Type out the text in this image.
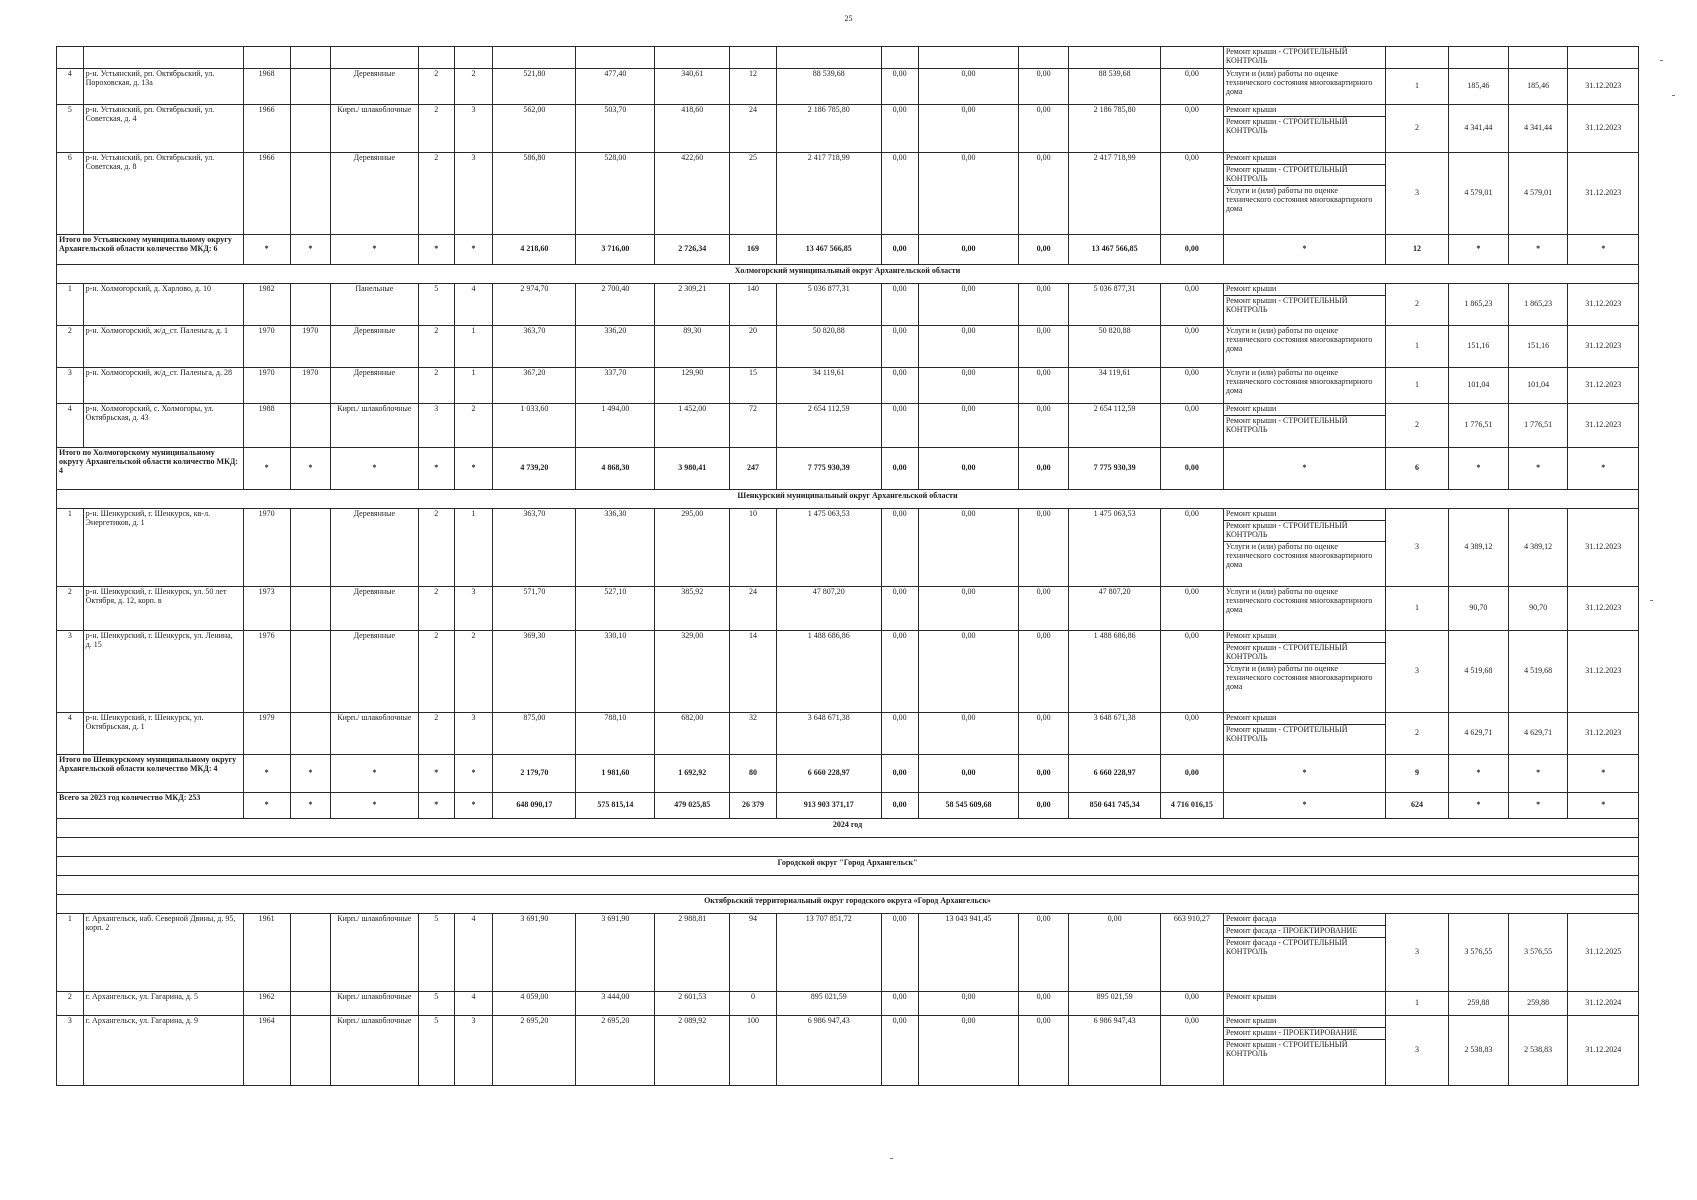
25

																	Ремонт крыши - СТРОИТЕЛЬНЫЙ КОНТРОЛЬ				

4	р-н. Устьянский, рп. Октябрьский, ул. Пороховская, д. 13а	1968		Деревянные	2	2	521,80	477,40	340,61	12	88 539,68	0,00	0,00	0,00	88 539,68	0,00	Услуги и (или) работы по оценке технического состояния многоквартирного дома	1	185,46	185,46	31.12.2023
5	р-н. Устьянский, рп. Октябрьский, ул. Советская, д. 4	1966		Кирп./ шлакоблочные	2	3	562,00	503,70	418,60	24	2 186 785,80	0,00	0,00	0,00	2 186 785,80	0,00	Ремонт крыши
Ремонт крыши - СТРОИТЕЛЬНЫЙ КОНТРОЛЬ	2	4 341,44	4 341,44	31.12.2023
6	р-н. Устьянский, рп. Октябрьский, ул. Советская, д. 8	1966		Деревянные	2	3	586,80	528,00	422,60	25	2 417 718,99	0,00	0,00	0,00	2 417 718,99	0,00	Ремонт крыши
Ремонт крыши - СТРОИТЕЛЬНЫЙ КОНТРОЛЬ
Услуги и (или) работы по оценке технического состояния многоквартирного дома	3	4 579,01	4 579,01	31.12.2023
Итого по Устьянскому муниципальному округу Архангельской области количество МКД: 6		*	*	*	*	*	4 218,60	3 716,00	2 726,34	169	13 467 566,85	0,00	0,00	0,00	13 467 566,85	0,00	*	12	*	*	*
Холмогорский муниципальный округ Архангельской области																					
1	р-н. Холмогорский, д. Харлово, д. 10	1982		Панельные	5	4	2 974,70	2 700,40	2 309,21	140	5 036 877,31	0,00	0,00	0,00	5 036 877,31	0,00	Ремонт крыши
Ремонт крыши - СТРОИТЕЛЬНЫЙ КОНТРОЛЬ	2	1 865,23	1 865,23	31.12.2023
2	р-н. Холмогорский, ж/д_ст. Паленьга, д. 1	1970	1970	Деревянные	2	1	363,70	336,20	89,30	20	50 820,88	0,00	0,00	0,00	50 820,88	0,00	Услуги и (или) работы по оценке технического состояния многоквартирного дома	1	151,16	151,16	31.12.2023
3	р-н. Холмогорский, ж/д_ст. Паленьга, д. 28	1970	1970	Деревянные	2	1	367,20	337,70	129,90	15	34 119,61	0,00	0,00	0,00	34 119,61	0,00	Услуги и (или) работы по оценке технического состояния многоквартирного дома	1	101,04	101,04	31.12.2023
4	р-н. Холмогорский, с. Холмогоры, ул. Октябрьская, д. 43	1988		Кирп./ шлакоблочные	3	2	1 033,60	1 494,00	1 452,00	72	2 654 112,59	0,00	0,00	0,00	2 654 112,59	0,00	Ремонт крыши
Ремонт крыши - СТРОИТЕЛЬНЫЙ КОНТРОЛЬ	2	1 776,51	1 776,51	31.12.2023
Итого по Холмогорскому муниципальному округу Архангельской области количество МКД: 4		*	*	*	*	*	4 739,20	4 868,30	3 980,41	247	7 775 930,39	0,00	0,00	0,00	7 775 930,39	0,00	*	6	*	*	*
Шенкурский муниципальный округ Архангельской области																					
1	р-н. Шенкурский, г. Шенкурск, кв-л. Энергетиков, д. 1	1970		Деревянные	2	1	363,70	336,30	295,00	10	1 475 063,53	0,00	0,00	0,00	1 475 063,53	0,00	Ремонт крыши
Ремонт крыши - СТРОИТЕЛЬНЫЙ КОНТРОЛЬ
Услуги и (или) работы по оценке технического состояния многоквартирного дома	3	4 389,12	4 389,12	31.12.2023
2	р-н. Шенкурский, г. Шенкурск, ул. 50 лет Октября, д. 12, корп. в	1973		Деревянные	2	3	571,70	527,10	385,92	24	47 807,20	0,00	0,00	0,00	47 807,20	0,00	Услуги и (или) работы по оценке технического состояния многоквартирного дома	1	90,70	90,70	31.12.2023
3	р-н. Шенкурский, г. Шенкурск, ул. Ленина, д. 15	1976		Деревянные	2	2	369,30	330,10	329,00	14	1 488 686,86	0,00	0,00	0,00	1 488 686,86	0,00	Ремонт крыши
Ремонт крыши - СТРОИТЕЛЬНЫЙ КОНТРОЛЬ
Услуги и (или) работы по оценке технического состояния многоквартирного дома	3	4 519,68	4 519,68	31.12.2023
4	р-н. Шенкурский, г. Шенкурск, ул. Октябрьская, д. 1	1979		Кирп./ шлакоблочные	2	3	875,00	788,10	682,00	32	3 648 671,38	0,00	0,00	0,00	3 648 671,38	0,00	Ремонт крыши
Ремонт крыши - СТРОИТЕЛЬНЫЙ КОНТРОЛЬ	2	4 629,71	4 629,71	31.12.2023
Итого по Шенкурскому муниципальному округу Архангельской области количество МКД: 4		*	*	*	*	*	2 179,70	1 981,60	1 692,92	80	6 660 228,97	0,00	0,00	0,00	6 660 228,97	0,00	*	9	*	*	*
Всего за 2023 год количество МКД: 253		*	*	*	*	*	648 090,17	575 815,14	479 025,85	26 379	913 903 371,17	0,00	58 545 609,68	0,00	850 641 745,34	4 716 016,15	*	624	*	*	*
2024 год																					

Городской округ "Город Архангельск"																					

Октябрьский территориальный округ городского округа «Город Архангельск»																					
1	г. Архангельск, наб. Северной Двины, д. 95, корп. 2	1961		Кирп./ шлакоблочные	5	4	3 691,90	3 691,90	2 988,81	94	13 707 851,72	0,00	13 043 941,45	0,00	0,00	663 910,27	Ремонт фасада
Ремонт фасада - ПРОЕКТИРОВАНИЕ
Ремонт фасада - СТРОИТЕЛЬНЫЙ КОНТРОЛЬ	3	3 576,55	3 576,55	31.12.2025
2	г. Архангельск, ул. Гагарина, д. 5	1962		Кирп./ шлакоблочные	5	4	4 059,00	3 444,00	2 601,53	0	895 021,59	0,00	0,00	0,00	895 021,59	0,00	Ремонт крыши	1	259,88	259,88	31.12.2024
3	г. Архангельск, ул. Гагарина, д. 9	1964		Кирп./ шлакоблочные	5	3	2 695,20	2 695,20	2 089,92	100	6 986 947,43	0,00	0,00	0,00	6 986 947,43	0,00	Ремонт крыши
Ремонт крыши - ПРОЕКТИРОВАНИЕ
Ремонт крыши - СТРОИТЕЛЬНЫЙ КОНТРОЛЬ	3	2 538,83	2 538,83	31.12.2024
